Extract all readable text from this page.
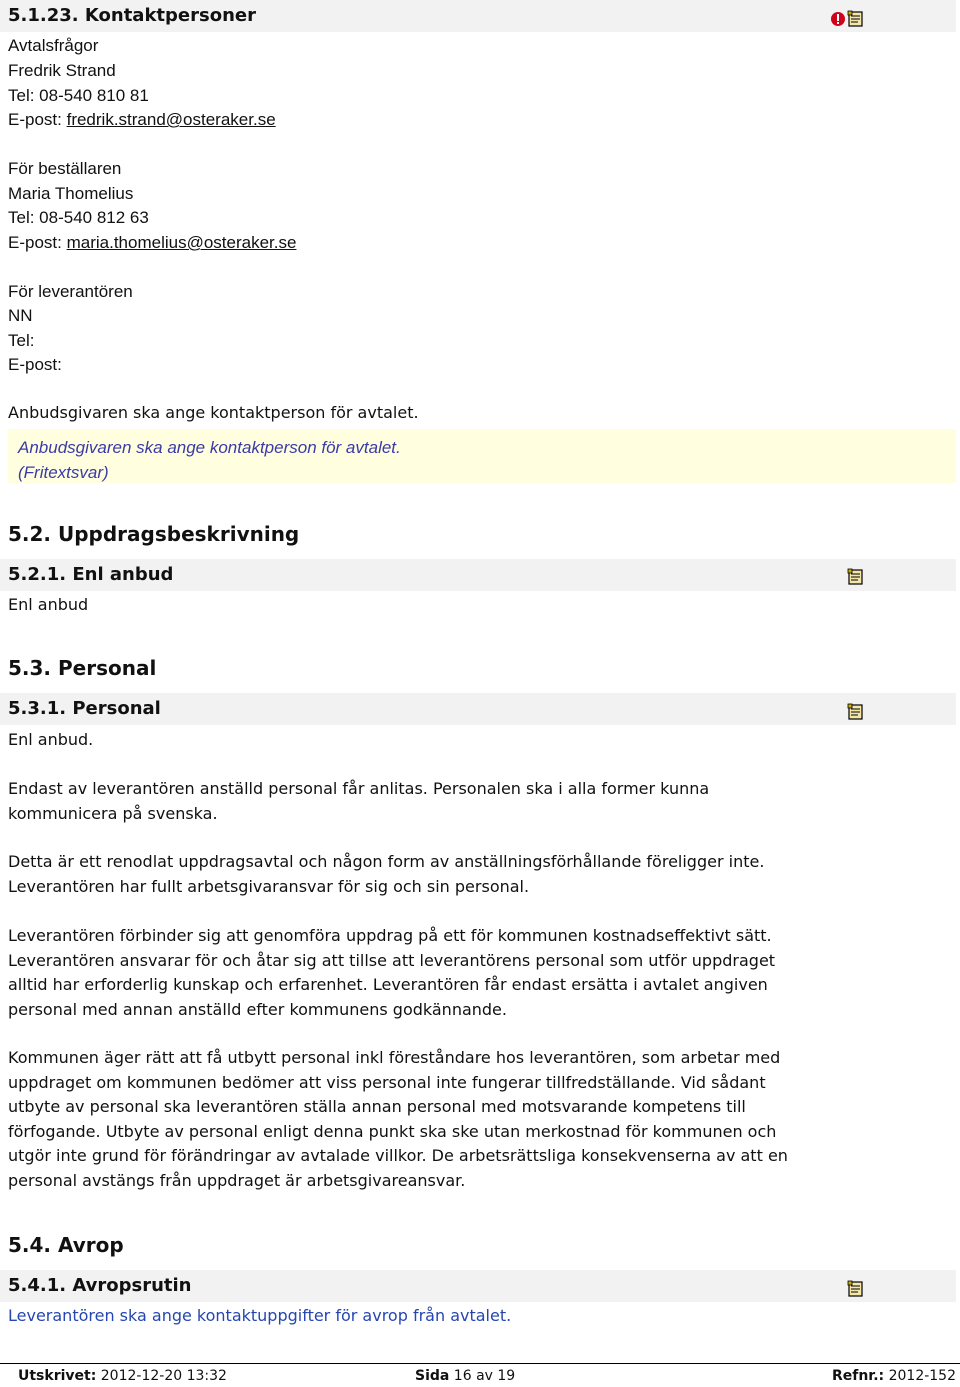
5.1.23. Kontaktpersoner
Avtalsfrågor
Fredrik Strand
Tel: 08-540 810 81
E-post: fredrik.strand@osteraker.se
För beställaren
Maria Thomelius
Tel: 08-540 812 63
E-post: maria.thomelius@osteraker.se
För leverantören
NN
Tel:
E-post:
Anbudsgivaren ska ange kontaktperson för avtalet.
Anbudsgivaren ska ange kontaktperson för avtalet.
(Fritextsvar)
5.2. Uppdragsbeskrivning
5.2.1. Enl anbud
Enl anbud
5.3. Personal
5.3.1. Personal
Enl anbud.
Endast av leverantören anställd personal får anlitas. Personalen ska i alla former kunna kommunicera på svenska.
Detta är ett renodlat uppdragsavtal och någon form av anställningsförhållande föreligger inte. Leverantören har fullt arbetsgivaransvar för sig och sin personal.
Leverantören förbinder sig att genomföra uppdrag på ett för kommunen kostnadseffektivt sätt. Leverantören ansvarar för och åtar sig att tillse att leverantörens personal som utför uppdraget alltid har erforderlig kunskap och erfarenhet. Leverantören får endast ersätta i avtalet angiven personal med annan anställd efter kommunens godkännande.
Kommunen äger rätt att få utbytt personal inkl föreståndare hos leverantören, som arbetar med uppdraget om kommunen bedömer att viss personal inte fungerar tillfredställande. Vid sådant utbyte av personal ska leverantören ställa annan personal med motsvarande kompetens till förfogande. Utbyte av personal enligt denna punkt ska ske utan merkostnad för kommunen och utgör inte grund för förändringar av avtalade villkor. De arbetsrättsliga konsekvenserna av att en personal avstängs från uppdraget är arbetsgivareansvar.
5.4. Avrop
5.4.1. Avropsrutin
Leverantören ska ange kontaktuppgifter för avrop från avtalet.
Utskrivet: 2012-12-20 13:32	Sida 16 av 19	Refnr.: 2012-152
